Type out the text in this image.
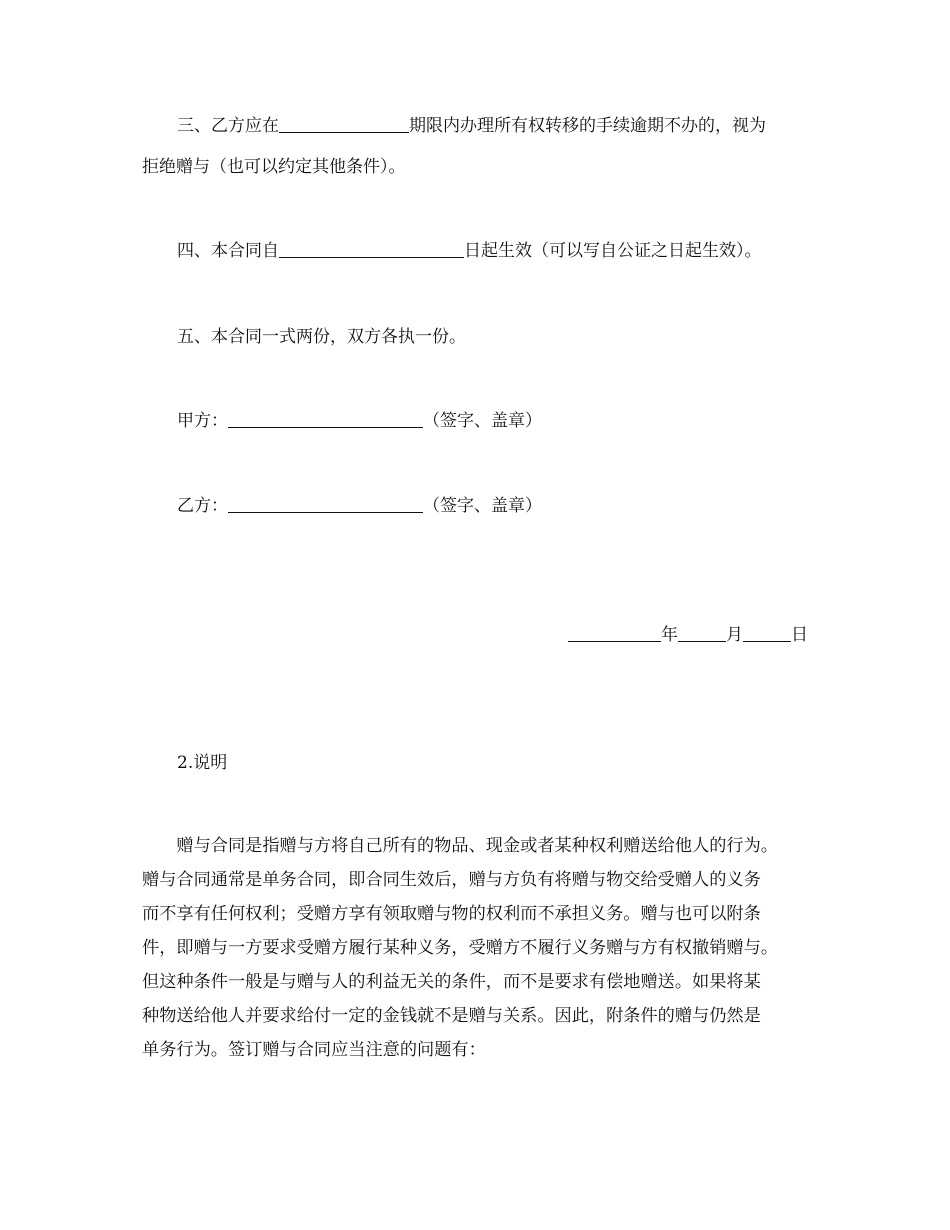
三、乙方应在	期限内办理所有权转移的手续逾期不办的，视为
拒绝赠与（也可以约定其他条件）。
四、本合同自	日起生效（可以写自公证之日起生效）。
五、本合同一式两份，双方各执一份。
甲方：	（签字、盖章）
乙方：	（签字、盖章）
年	月	日
2.说明
　　赠与合同是指赠与方将自己所有的物品、现金或者某种权利赠送给他人的行为。
赠与合同通常是单务合同，即合同生效后，赠与方负有将赠与物交给受赠人的义务
而不享有任何权利；受赠方享有领取赠与物的权利而不承担义务。赠与也可以附条
件，即赠与一方要求受赠方履行某种义务，受赠方不履行义务赠与方有权撤销赠与。
但这种条件一般是与赠与人的利益无关的条件，而不是要求有偿地赠送。如果将某
种物送给他人并要求给付一定的金钱就不是赠与关系。因此，附条件的赠与仍然是
单务行为。签订赠与合同应当注意的问题有：
